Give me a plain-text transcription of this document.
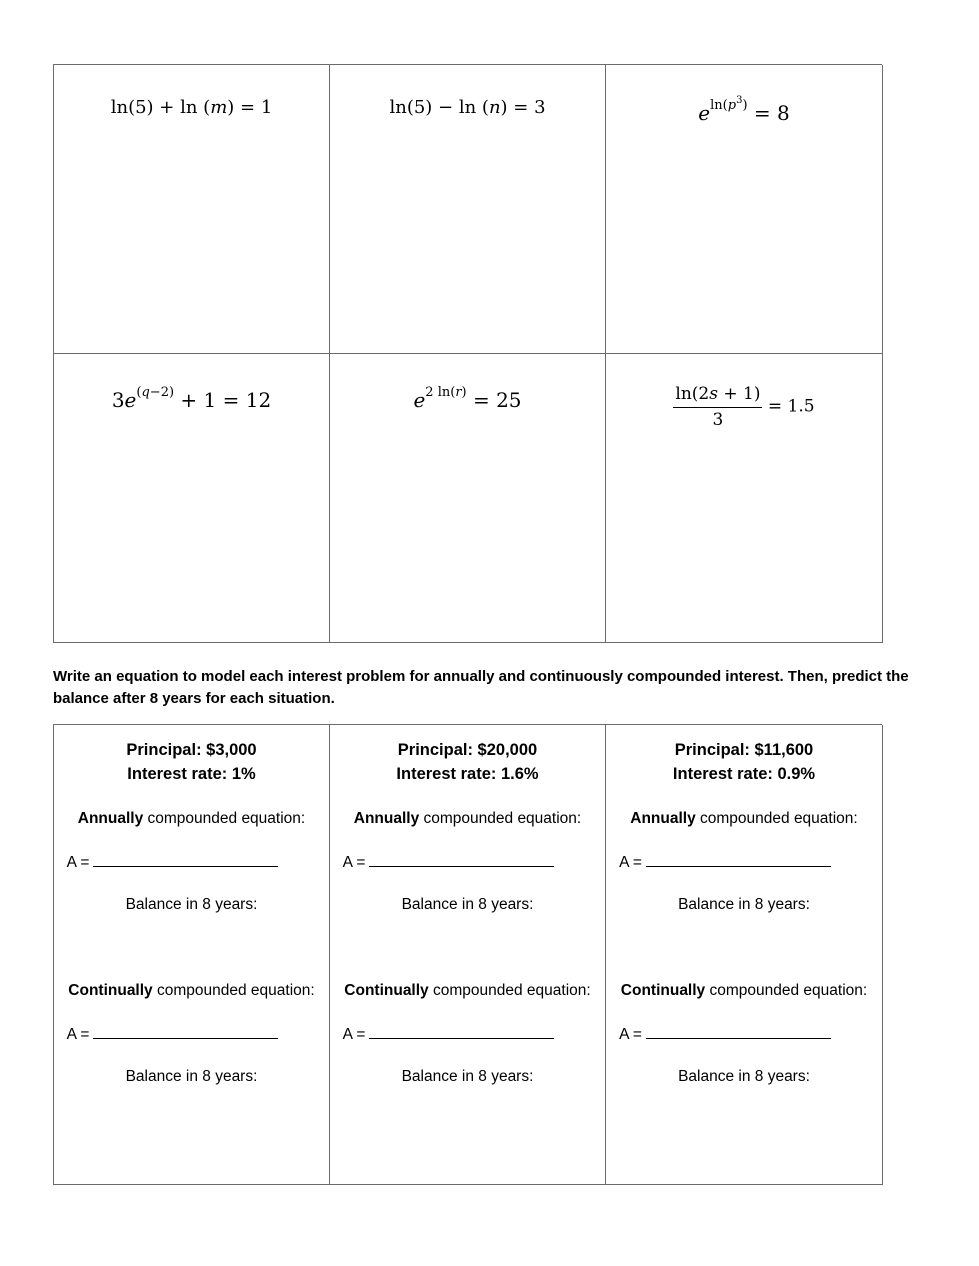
ln(5) + ln (m) = 1	ln(5) − ln (n) = 3	$e^{ln(p^3)} = 8$
$3e^{(q-2)} + 1 = 12$	$e^{2 ln(r)} = 25$	$\frac{\ln(2s + 1)}{3} = 1.5$

Write an equation to model each interest problem for annually and continuously compounded interest. Then, predict the balance after 8 years for each situation.

Principal: $3,000
Interest rate: 1%
Annually compounded equation:
A =
Balance in 8 years:
Continually compounded equation:
A =
Balance in 8 years:
Principal: $20,000
Interest rate: 1.6%
Annually compounded equation:
A =
Balance in 8 years:
Continually compounded equation:
A =
Balance in 8 years:
Principal: $11,600
Interest rate: 0.9%
Annually compounded equation:
A =
Balance in 8 years:
Continually compounded equation:
A =
Balance in 8 years:
